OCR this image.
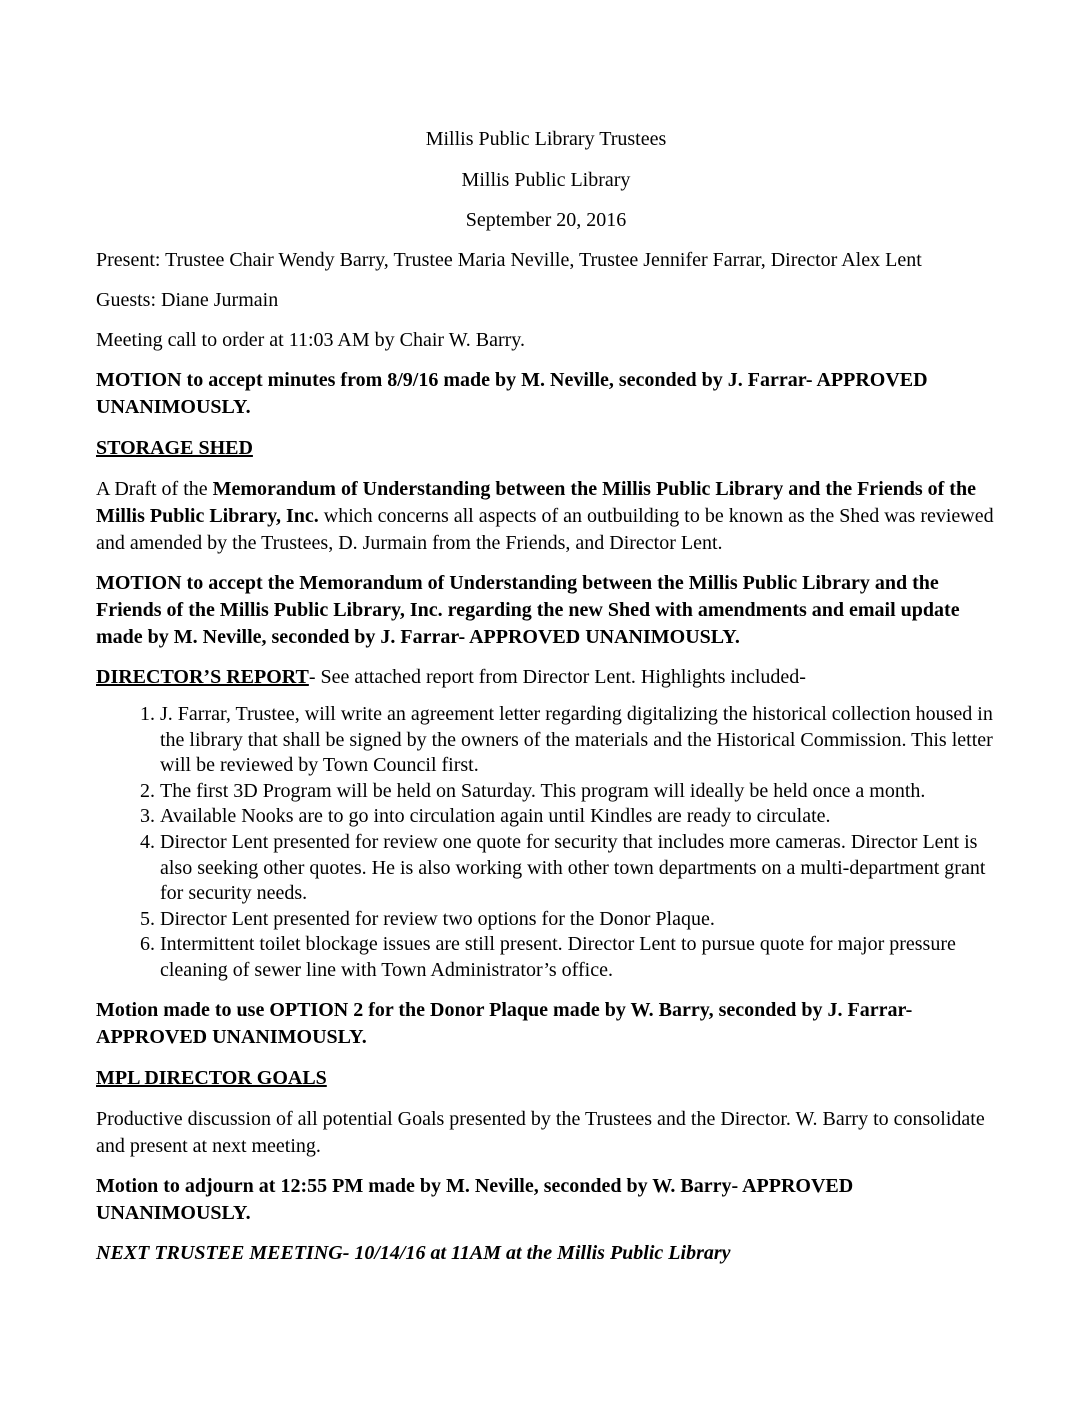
Millis Public Library Trustees

Millis Public Library

September 20, 2016

Present: Trustee Chair Wendy Barry, Trustee Maria Neville, Trustee Jennifer Farrar, Director Alex Lent

Guests: Diane Jurmain

Meeting call to order at 11:03 AM by Chair W. Barry.

MOTION to accept minutes from 8/9/16 made by M. Neville, seconded by J. Farrar- APPROVED UNANIMOUSLY.

STORAGE SHED

A Draft of the Memorandum of Understanding between the Millis Public Library and the Friends of the Millis Public Library, Inc. which concerns all aspects of an outbuilding to be known as the Shed was reviewed and amended by the Trustees, D. Jurmain from the Friends, and Director Lent.

MOTION to accept the Memorandum of Understanding between the Millis Public Library and the Friends of the Millis Public Library, Inc. regarding the new Shed with amendments and email update made by M. Neville, seconded by J. Farrar- APPROVED UNANIMOUSLY.

DIRECTOR’S REPORT- See attached report from Director Lent. Highlights included-

1. J. Farrar, Trustee, will write an agreement letter regarding digitalizing the historical collection housed in the library that shall be signed by the owners of the materials and the Historical Commission. This letter will be reviewed by Town Council first.
2. The first 3D Program will be held on Saturday. This program will ideally be held once a month.
3. Available Nooks are to go into circulation again until Kindles are ready to circulate.
4. Director Lent presented for review one quote for security that includes more cameras. Director Lent is also seeking other quotes. He is also working with other town departments on a multi-department grant for security needs.
5. Director Lent presented for review two options for the Donor Plaque.
6. Intermittent toilet blockage issues are still present. Director Lent to pursue quote for major pressure cleaning of sewer line with Town Administrator’s office.

Motion made to use OPTION 2 for the Donor Plaque made by W. Barry, seconded by J. Farrar- APPROVED UNANIMOUSLY.

MPL DIRECTOR GOALS

Productive discussion of all potential Goals presented by the Trustees and the Director. W. Barry to consolidate and present at next meeting.

Motion to adjourn at 12:55 PM made by M. Neville, seconded by W. Barry- APPROVED UNANIMOUSLY.

NEXT TRUSTEE MEETING- 10/14/16 at 11AM at the Millis Public Library
